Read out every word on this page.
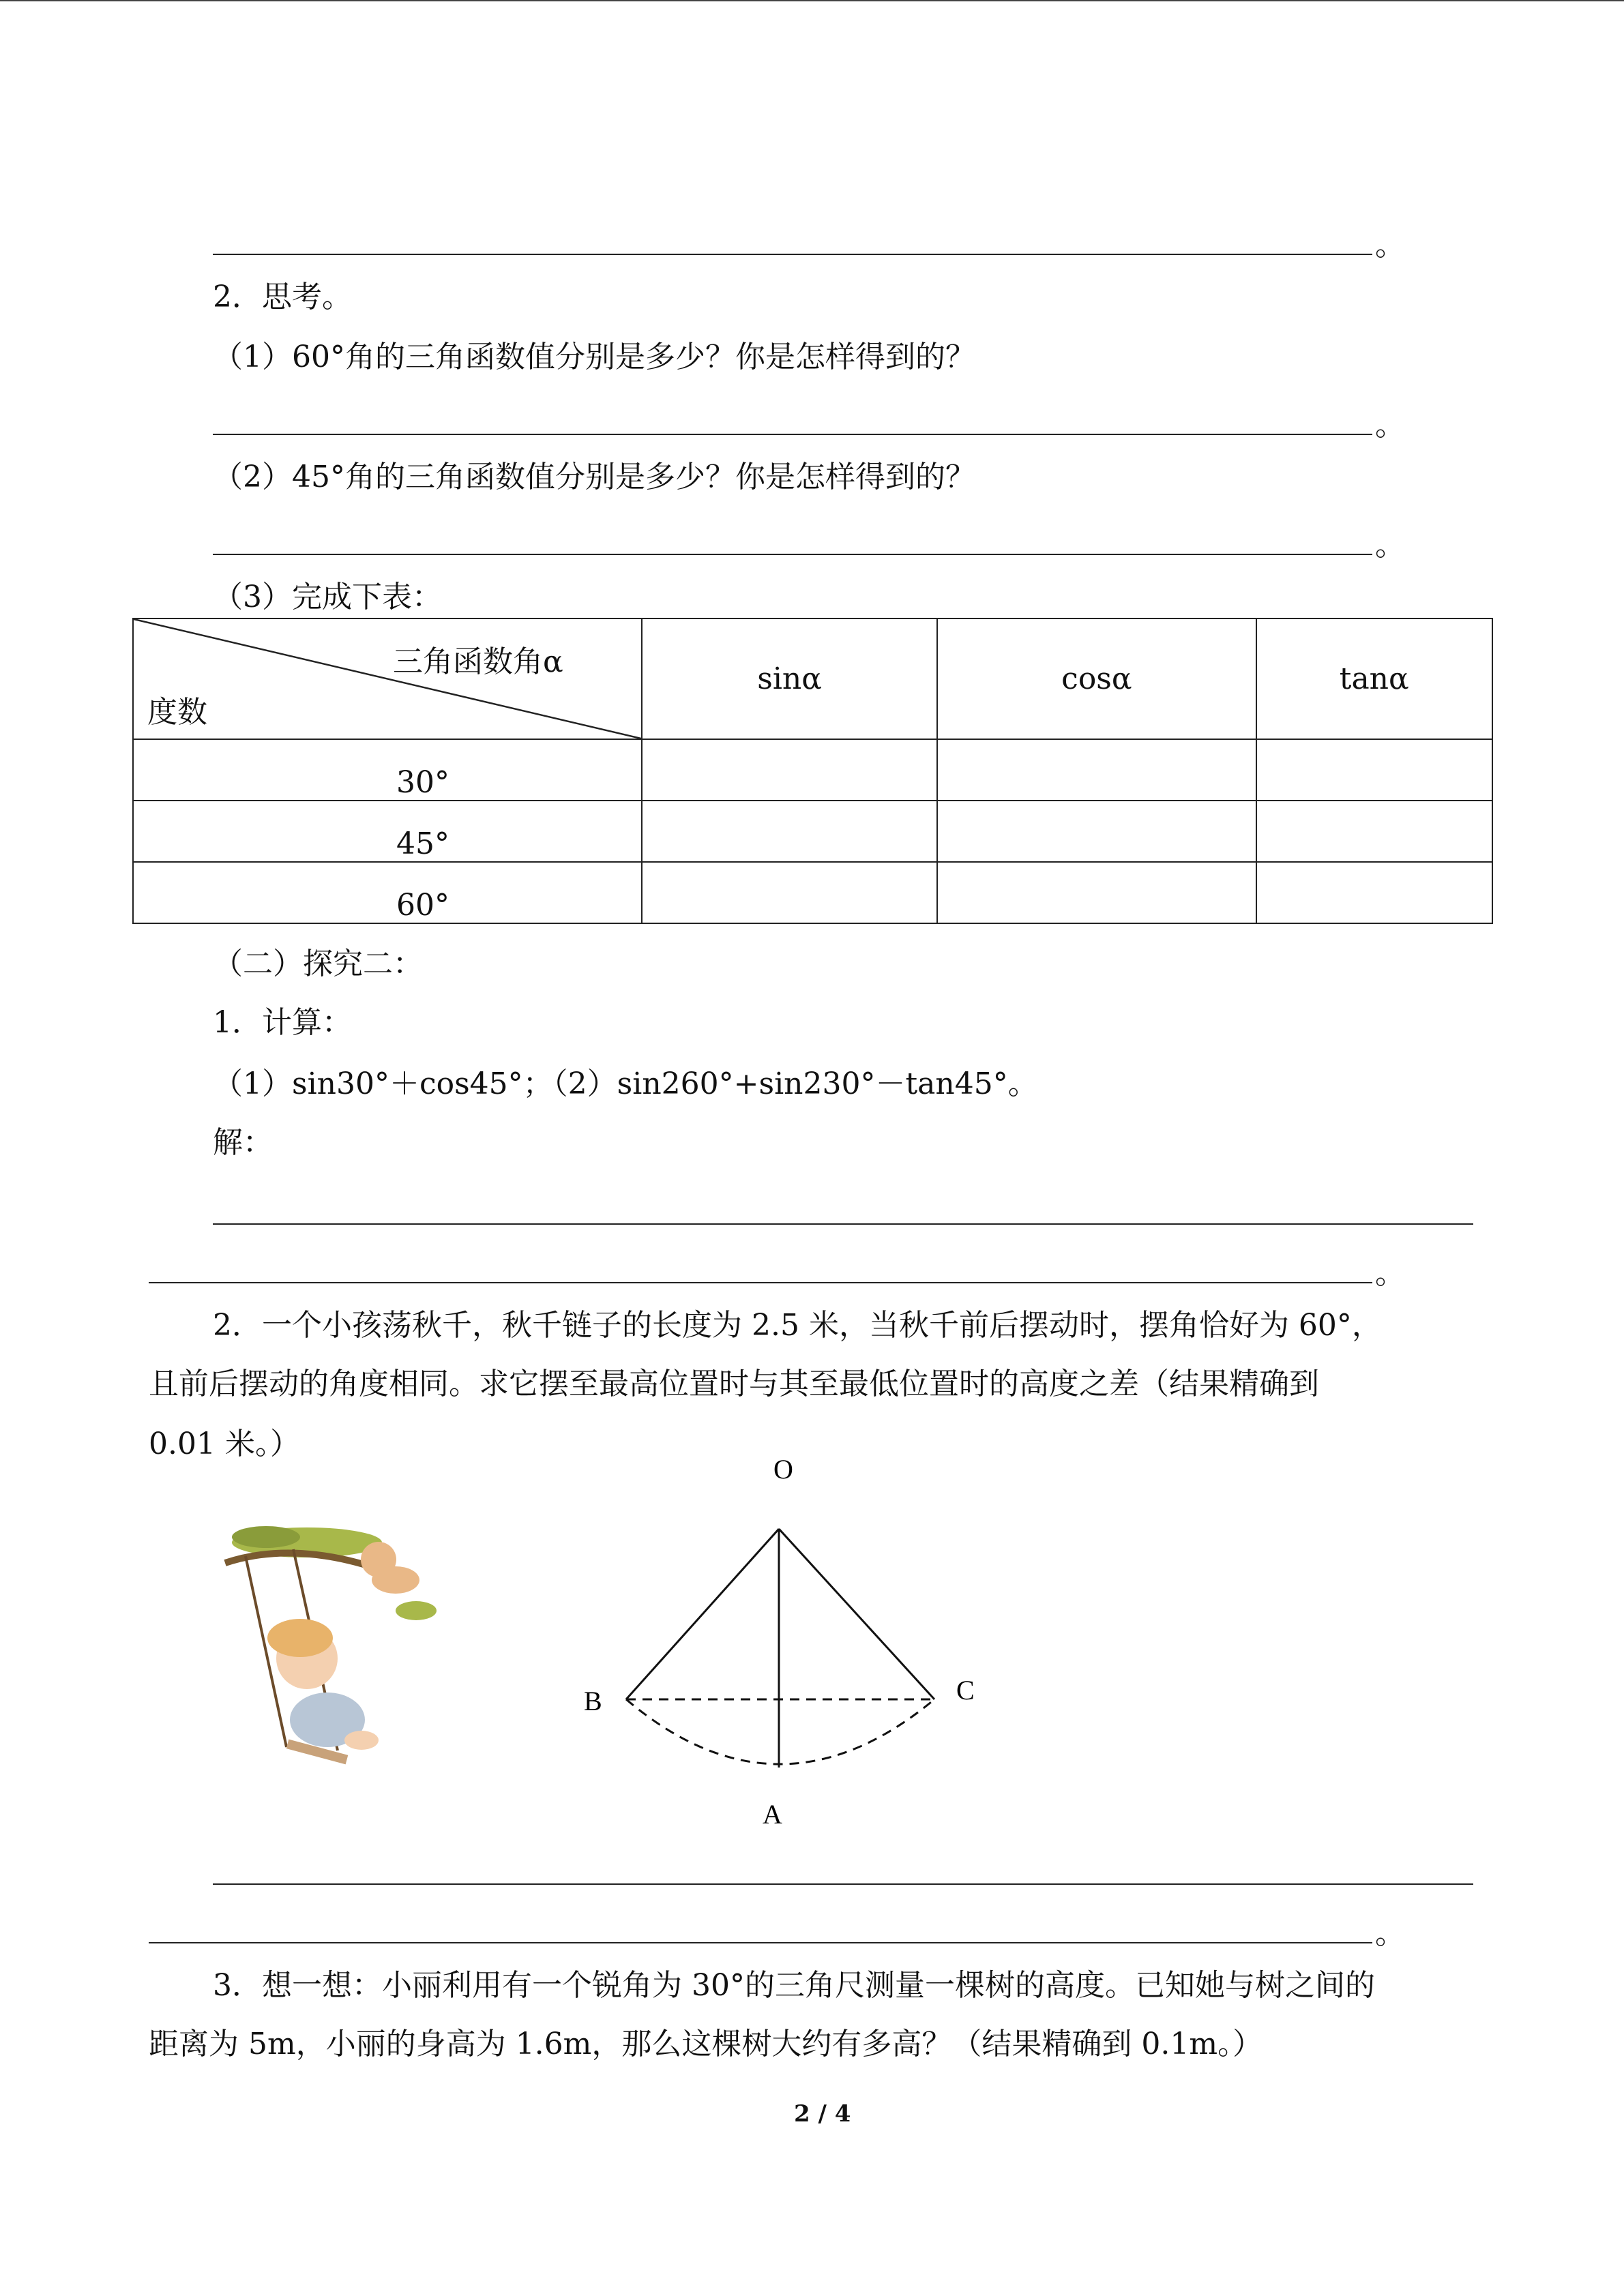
。
2．思考。
（1）60°角的三角函数值分别是多少？你是怎样得到的？
。
（2）45°角的三角函数值分别是多少？你是怎样得到的？
。
（3）完成下表：
三角函数角α
度数	sinα	cosα	tanα
30°			
45°			
60°			
（二）探究二：
1．计算：
（1）sin30°＋cos45°；（2）sin260°+sin230°－tan45°。
解：
。
2．一个小孩荡秋千，秋千链子的长度为 2.5 米，当秋千前后摆动时，摆角恰好为 60°，
且前后摆动的角度相同。求它摆至最高位置时与其至最低位置时的高度之差（结果精确到
0.01 米。）
O
B	C
A
。
3．想一想：小丽利用有一个锐角为 30°的三角尺测量一棵树的高度。已知她与树之间的
距离为 5m，小丽的身高为 1.6m，那么这棵树大约有多高？（结果精确到 0.1m。）
2 / 4
